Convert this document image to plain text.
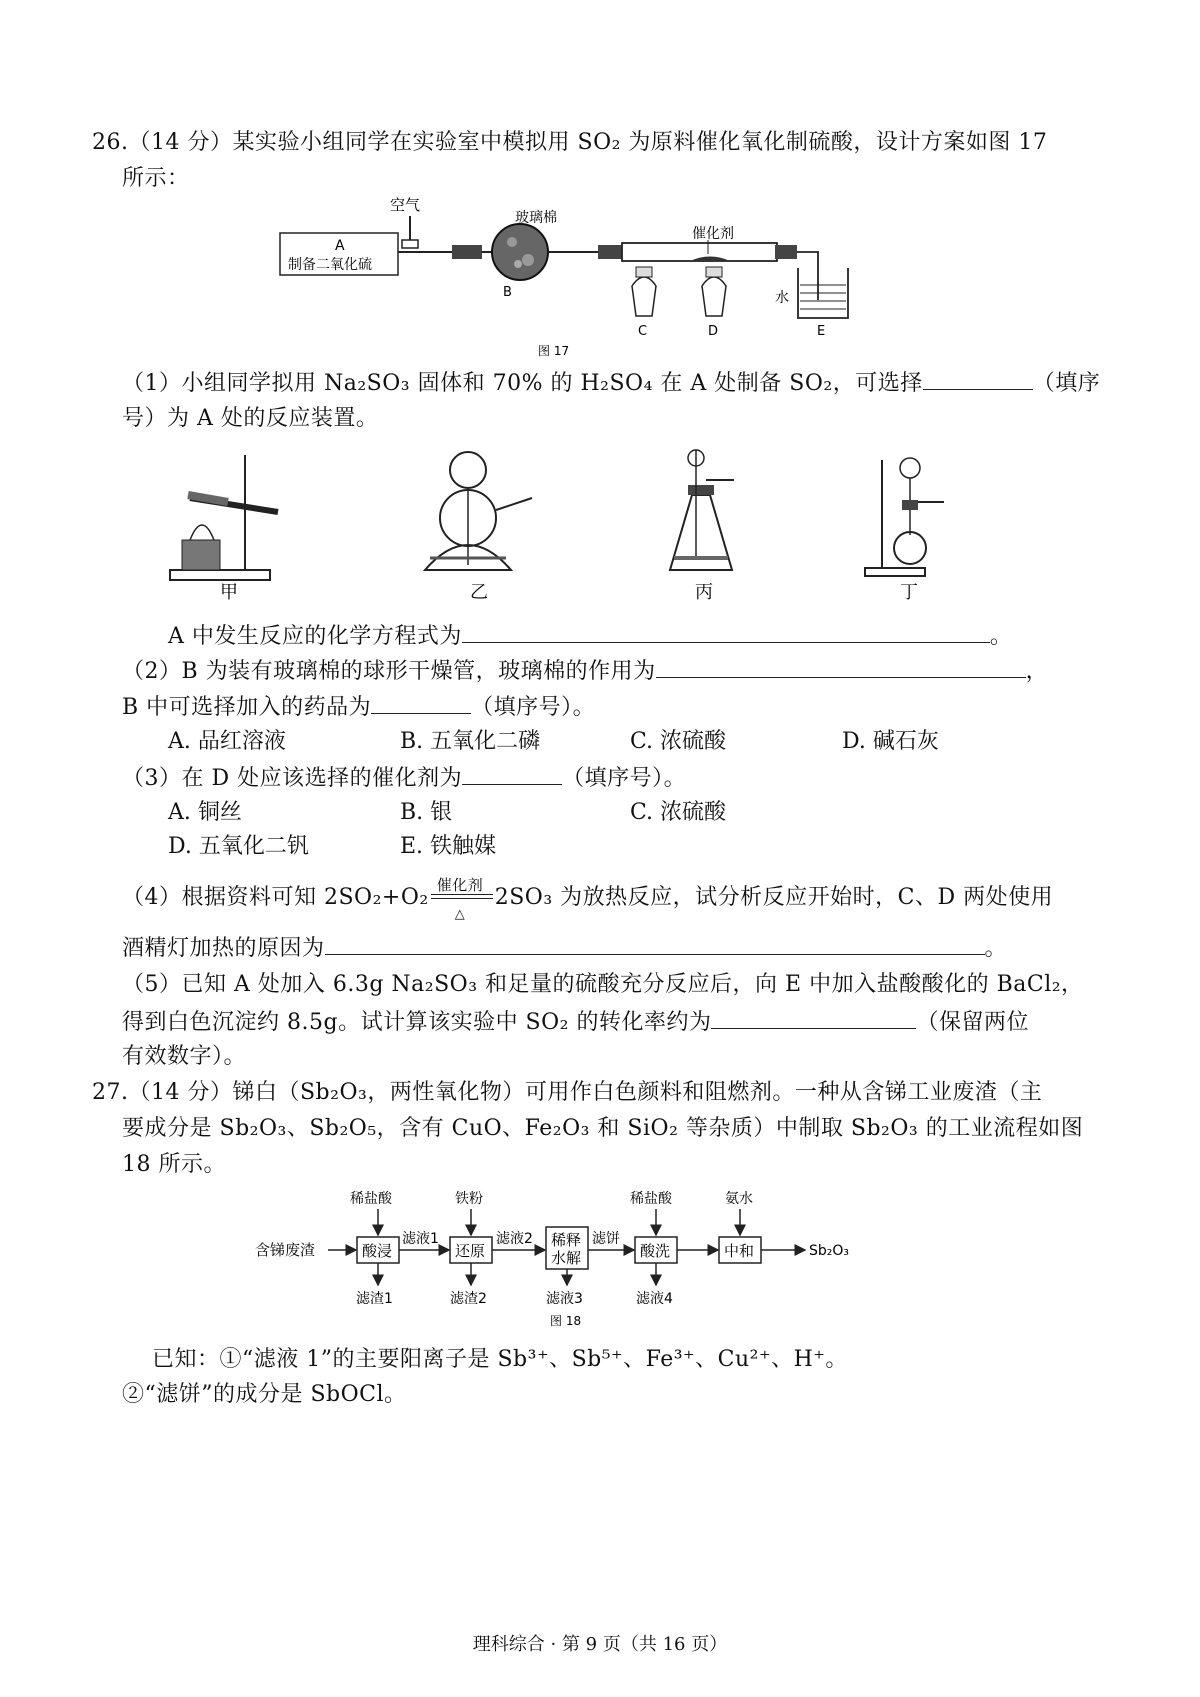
26.（14 分）某实验小组同学在实验室中模拟用 SO₂ 为原料催化氧化制硫酸，设计方案如图 17
所示：
空气
A
制备二氧化硫
玻璃棉
B
催化剂
C	D
水
E
图 17
（1）小组同学拟用 Na₂SO₃ 固体和 70% 的 H₂SO₄ 在 A 处制备 SO₂，可选择	（填序
号）为 A 处的反应装置。
甲	乙	丙	丁
A 中发生反应的化学方程式为	。
（2）B 为装有玻璃棉的球形干燥管，玻璃棉的作用为	，
B 中可选择加入的药品为	（填序号）。
A. 品红溶液	B. 五氧化二磷	C. 浓硫酸	D. 碱石灰
（3）在 D 处应该选择的催化剂为	（填序号）。
A. 铜丝	B. 银	C. 浓硫酸
D. 五氧化二钒	E. 铁触媒
（4）根据资料可知 2SO₂+O₂ 催化剂
△
2SO₃ 为放热反应，试分析反应开始时，C、D 两处使用
酒精灯加热的原因为	。
（5）已知 A 处加入 6.3g Na₂SO₃ 和足量的硫酸充分反应后，向 E 中加入盐酸酸化的 BaCl₂，
得到白色沉淀约 8.5g。试计算该实验中 SO₂ 的转化率约为	（保留两位
有效数字）。
27.（14 分）锑白（Sb₂O₃，两性氧化物）可用作白色颜料和阻燃剂。一种从含锑工业废渣（主
要成分是 Sb₂O₃、Sb₂O₅，含有 CuO、Fe₂O₃ 和 SiO₂ 等杂质）中制取 Sb₂O₃ 的工业流程如图
18 所示。
含锑废渣	酸浸
稀盐酸
滤渣1
滤液1
还原
铁粉
滤渣2
滤液2 稀释
水解
滤液3
滤饼
酸洗
稀盐酸
滤液4
中和
氨水
Sb₂O₃
图 18
已知：①“滤液 1”的主要阳离子是 Sb³⁺、Sb⁵⁺、Fe³⁺、Cu²⁺、H⁺。
②“滤饼”的成分是 SbOCl。
理科综合 · 第 9 页（共 16 页）
